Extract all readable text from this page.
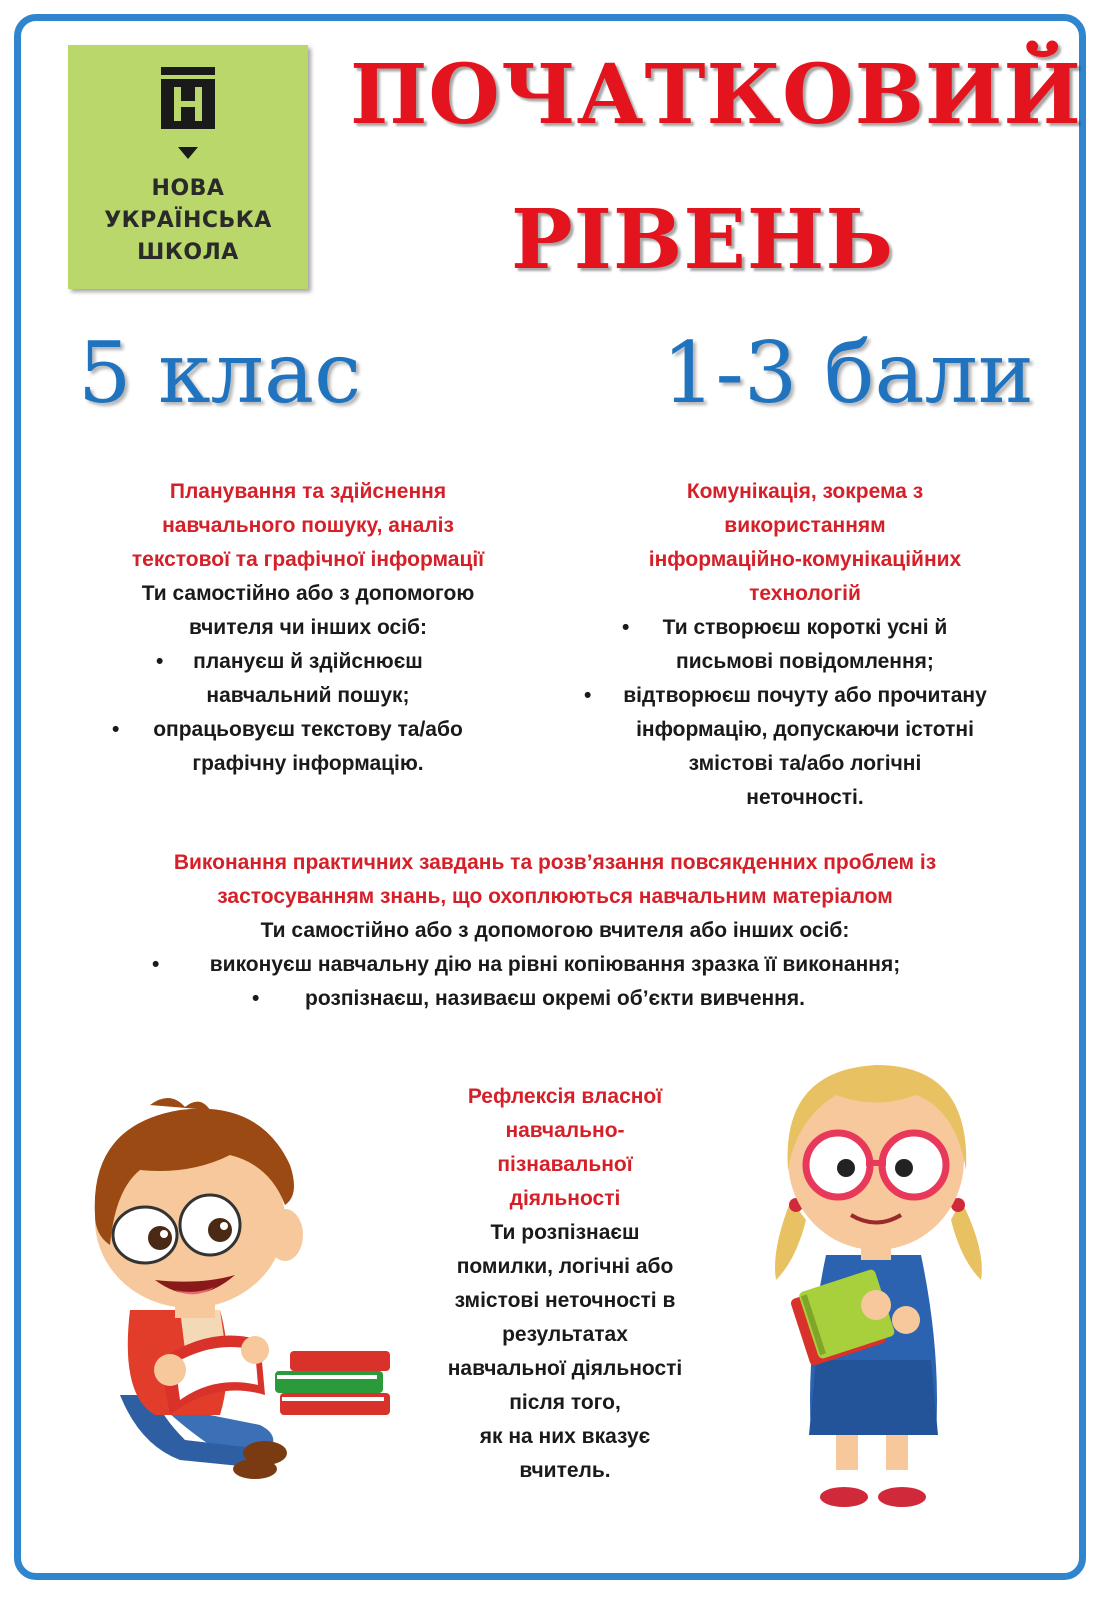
НОВА
УКРАЇНСЬКА
ШКОЛА
ПОЧАТКОВИЙ
РІВЕНЬ
5 клас	1-3 бали

Планування та здійснення

навчального пошуку, аналіз

текстової та графічної інформації

Ти самостійно або з допомогою

вчителя чи інших осіб:

•	плануєш й здійснюєш

навчальний пошук;

•	опрацьовуєш текстову та/або

графічну інформацію.

Комунікація, зокрема з

використанням

інформаційно-комунікаційних

технологій

•	Ти створюєш короткі усні й

письмові повідомлення;

•	відтворюєш почуту або прочитану

інформацію, допускаючи істотні

змістові та/або логічні

неточності.

Виконання практичних завдань та розв’язання повсякденних проблем із

застосуванням знань, що охоплюються навчальним матеріалом

Ти самостійно або з допомогою вчителя або інших осіб:

•	виконуєш навчальну дію на рівні копіювання зразка її виконання;

•	розпізнаєш, називаєш окремі об’єкти вивчення.

Рефлексія власної

навчально-

пізнавальної

діяльності

Ти розпізнаєш

помилки, логічні або

змістові неточності в

результатах

навчальної діяльності

після того,

як на них вказує

вчитель.
